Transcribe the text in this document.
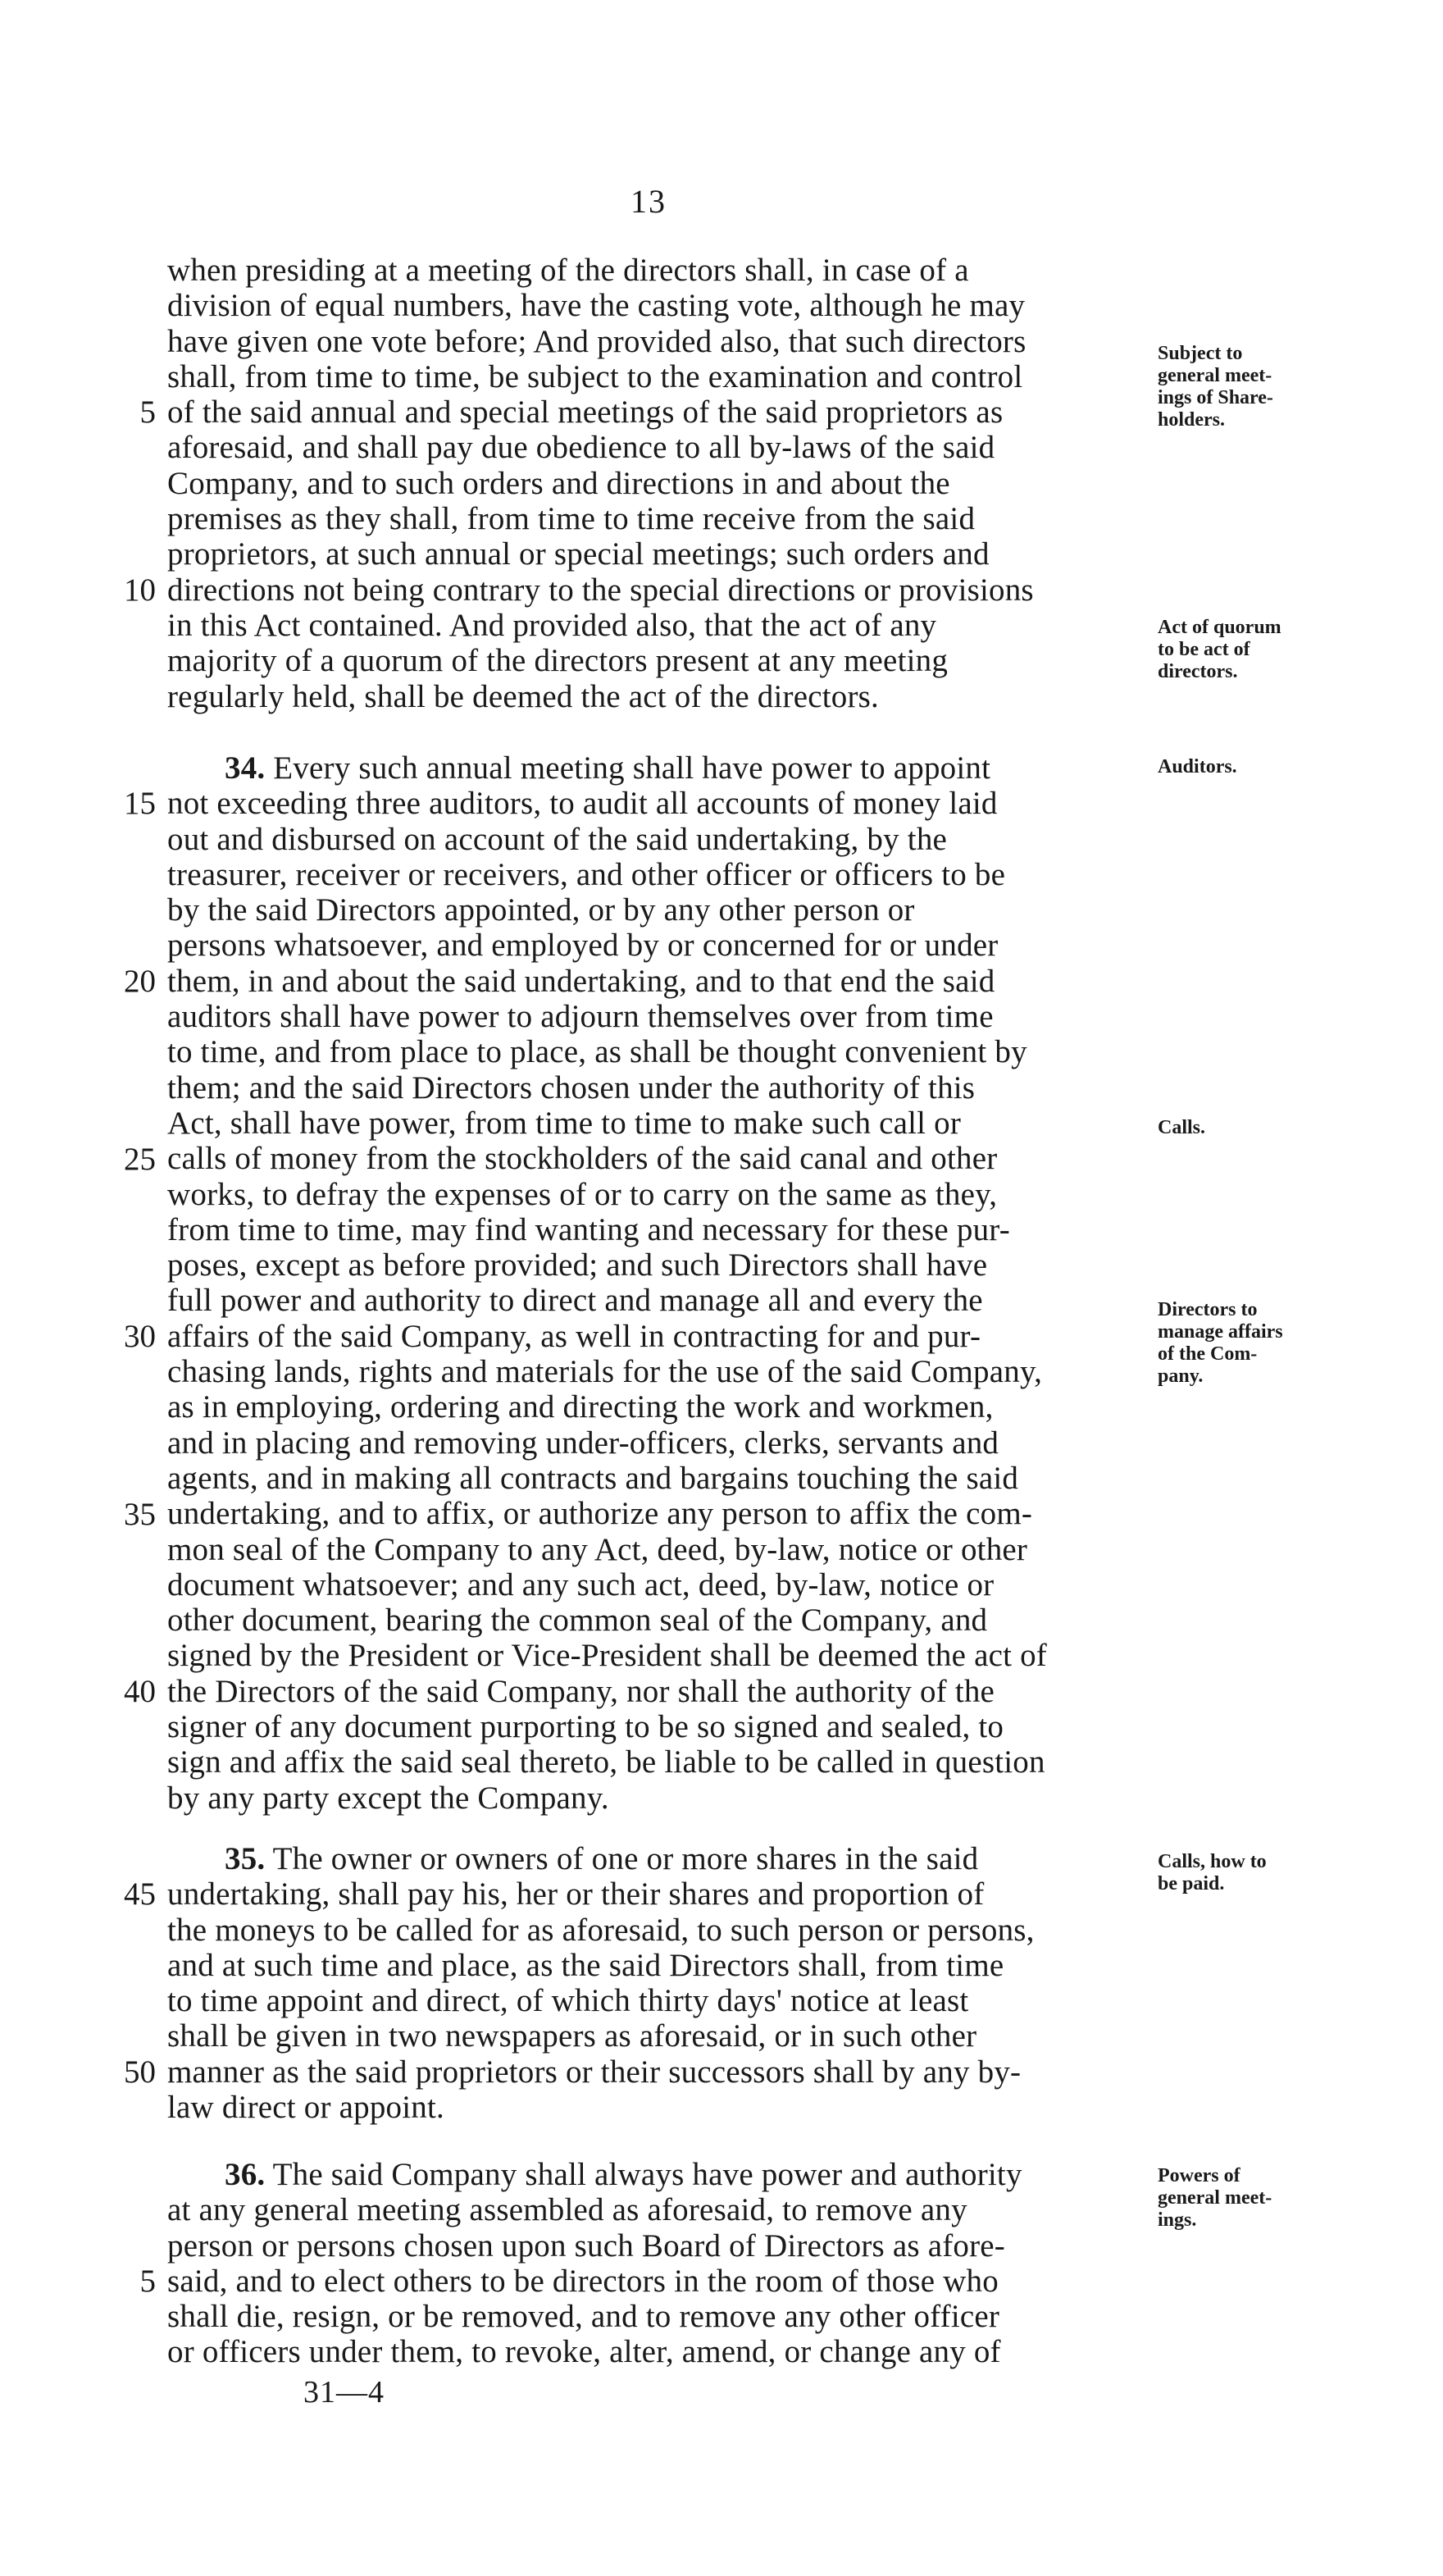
13
when presiding at a meeting of the directors shall, in case of a
division of equal numbers, have the casting vote, although he may
have given one vote before; And provided also, that such directors
shall, from time to time, be subject to the examination and control
of the said annual and special meetings of the said proprietors as
aforesaid, and shall pay due obedience to all by-laws of the said
Company, and to such orders and directions in and about the
premises as they shall, from time to time receive from the said
proprietors, at such annual or special meetings; such orders and
directions not being contrary to the special directions or provisions
in this Act contained. And provided also, that the act of any
majority of a quorum of the directors present at any meeting
regularly held, shall be deemed the act of the directors.
34. Every such annual meeting shall have power to appoint
not exceeding three auditors, to audit all accounts of money laid
out and disbursed on account of the said undertaking, by the
treasurer, receiver or receivers, and other officer or officers to be
by the said Directors appointed, or by any other person or
persons whatsoever, and employed by or concerned for or under
them, in and about the said undertaking, and to that end the said
auditors shall have power to adjourn themselves over from time
to time, and from place to place, as shall be thought convenient by
them; and the said Directors chosen under the authority of this
Act, shall have power, from time to time to make such call or
calls of money from the stockholders of the said canal and other
works, to defray the expenses of or to carry on the same as they,
from time to time, may find wanting and necessary for these pur-
poses, except as before provided; and such Directors shall have
full power and authority to direct and manage all and every the
affairs of the said Company, as well in contracting for and pur-
chasing lands, rights and materials for the use of the said Company,
as in employing, ordering and directing the work and workmen,
and in placing and removing under-officers, clerks, servants and
agents, and in making all contracts and bargains touching the said
undertaking, and to affix, or authorize any person to affix the com-
mon seal of the Company to any Act, deed, by-law, notice or other
document whatsoever; and any such act, deed, by-law, notice or
other document, bearing the common seal of the Company, and
signed by the President or Vice-President shall be deemed the act of
the Directors of the said Company, nor shall the authority of the
signer of any document purporting to be so signed and sealed, to
sign and affix the said seal thereto, be liable to be called in question
by any party except the Company.
35. The owner or owners of one or more shares in the said
undertaking, shall pay his, her or their shares and proportion of
the moneys to be called for as aforesaid, to such person or persons,
and at such time and place, as the said Directors shall, from time
to time appoint and direct, of which thirty days' notice at least
shall be given in two newspapers as aforesaid, or in such other
manner as the said proprietors or their successors shall by any by-
law direct or appoint.
36. The said Company shall always have power and authority
at any general meeting assembled as aforesaid, to remove any
person or persons chosen upon such Board of Directors as afore-
said, and to elect others to be directors in the room of those who
shall die, resign, or be removed, and to remove any other officer
or officers under them, to revoke, alter, amend, or change any of
5
10
15
20
25
30
35
40
45
50
5
Subject to
general meet-
ings of Share-
holders.
Act of quorum
to be act of
directors.
Auditors.
Calls.
Directors to
manage affairs
of the Com-
pany.
Calls, how to
be paid.
Powers of
general meet-
ings.
31—4
